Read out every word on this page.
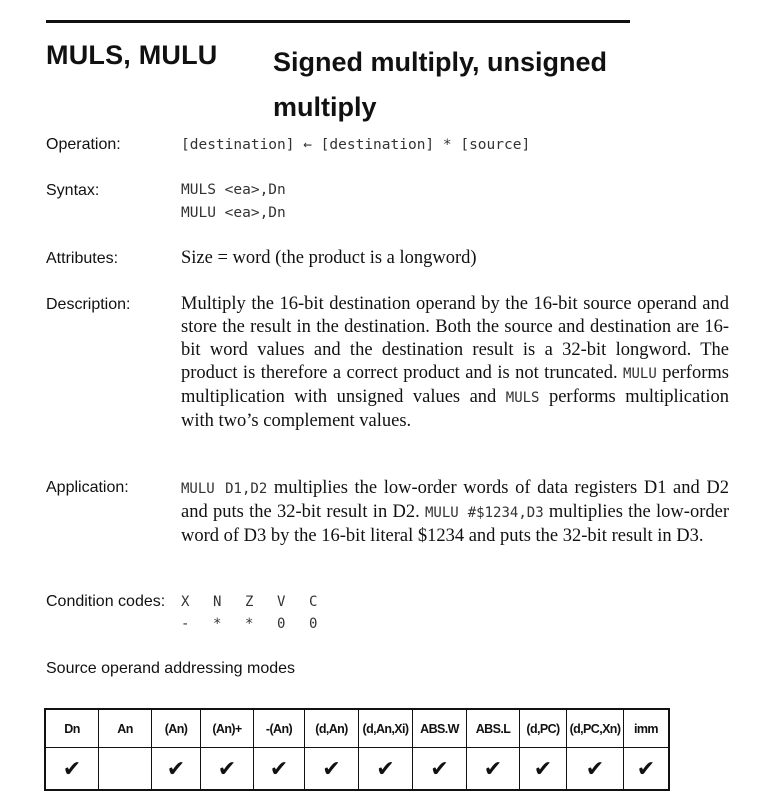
MULS, MULU Signed multiply, unsigned multiply
Operation:	[destination] ← [destination] * [source]
Syntax:	MULS <ea>,Dn
MULU <ea>,Dn
Attributes:	Size = word (the product is a longword)
Description:	Multiply the 16-bit destination operand by the 16-bit source operand and store the result in the destination. Both the source and destination are 16-bit word values and the destination result is a 32-bit longword. The product is therefore a correct product and is not truncated. MULU performs multiplication with unsigned values and MULS performs multiplication with two’s complement values.
Application:	MULU D1,D2 multiplies the low-order words of data registers D1 and D2 and puts the 32-bit result in D2. MULU #$1234,D3 multiplies the low-order word of D3 by the 16-bit literal $1234 and puts the 32-bit result in D3.
Condition codes: X	N	Z	V	C
-	*	*	0	0
Source operand addressing modes
Dn	An	(An)	(An)+	-(An)	(d,An)	(d,An,Xi)	ABS.W	ABS.L	(d,PC)	(d,PC,Xn)	imm
✔		✔	✔	✔	✔	✔	✔	✔	✔	✔	✔
